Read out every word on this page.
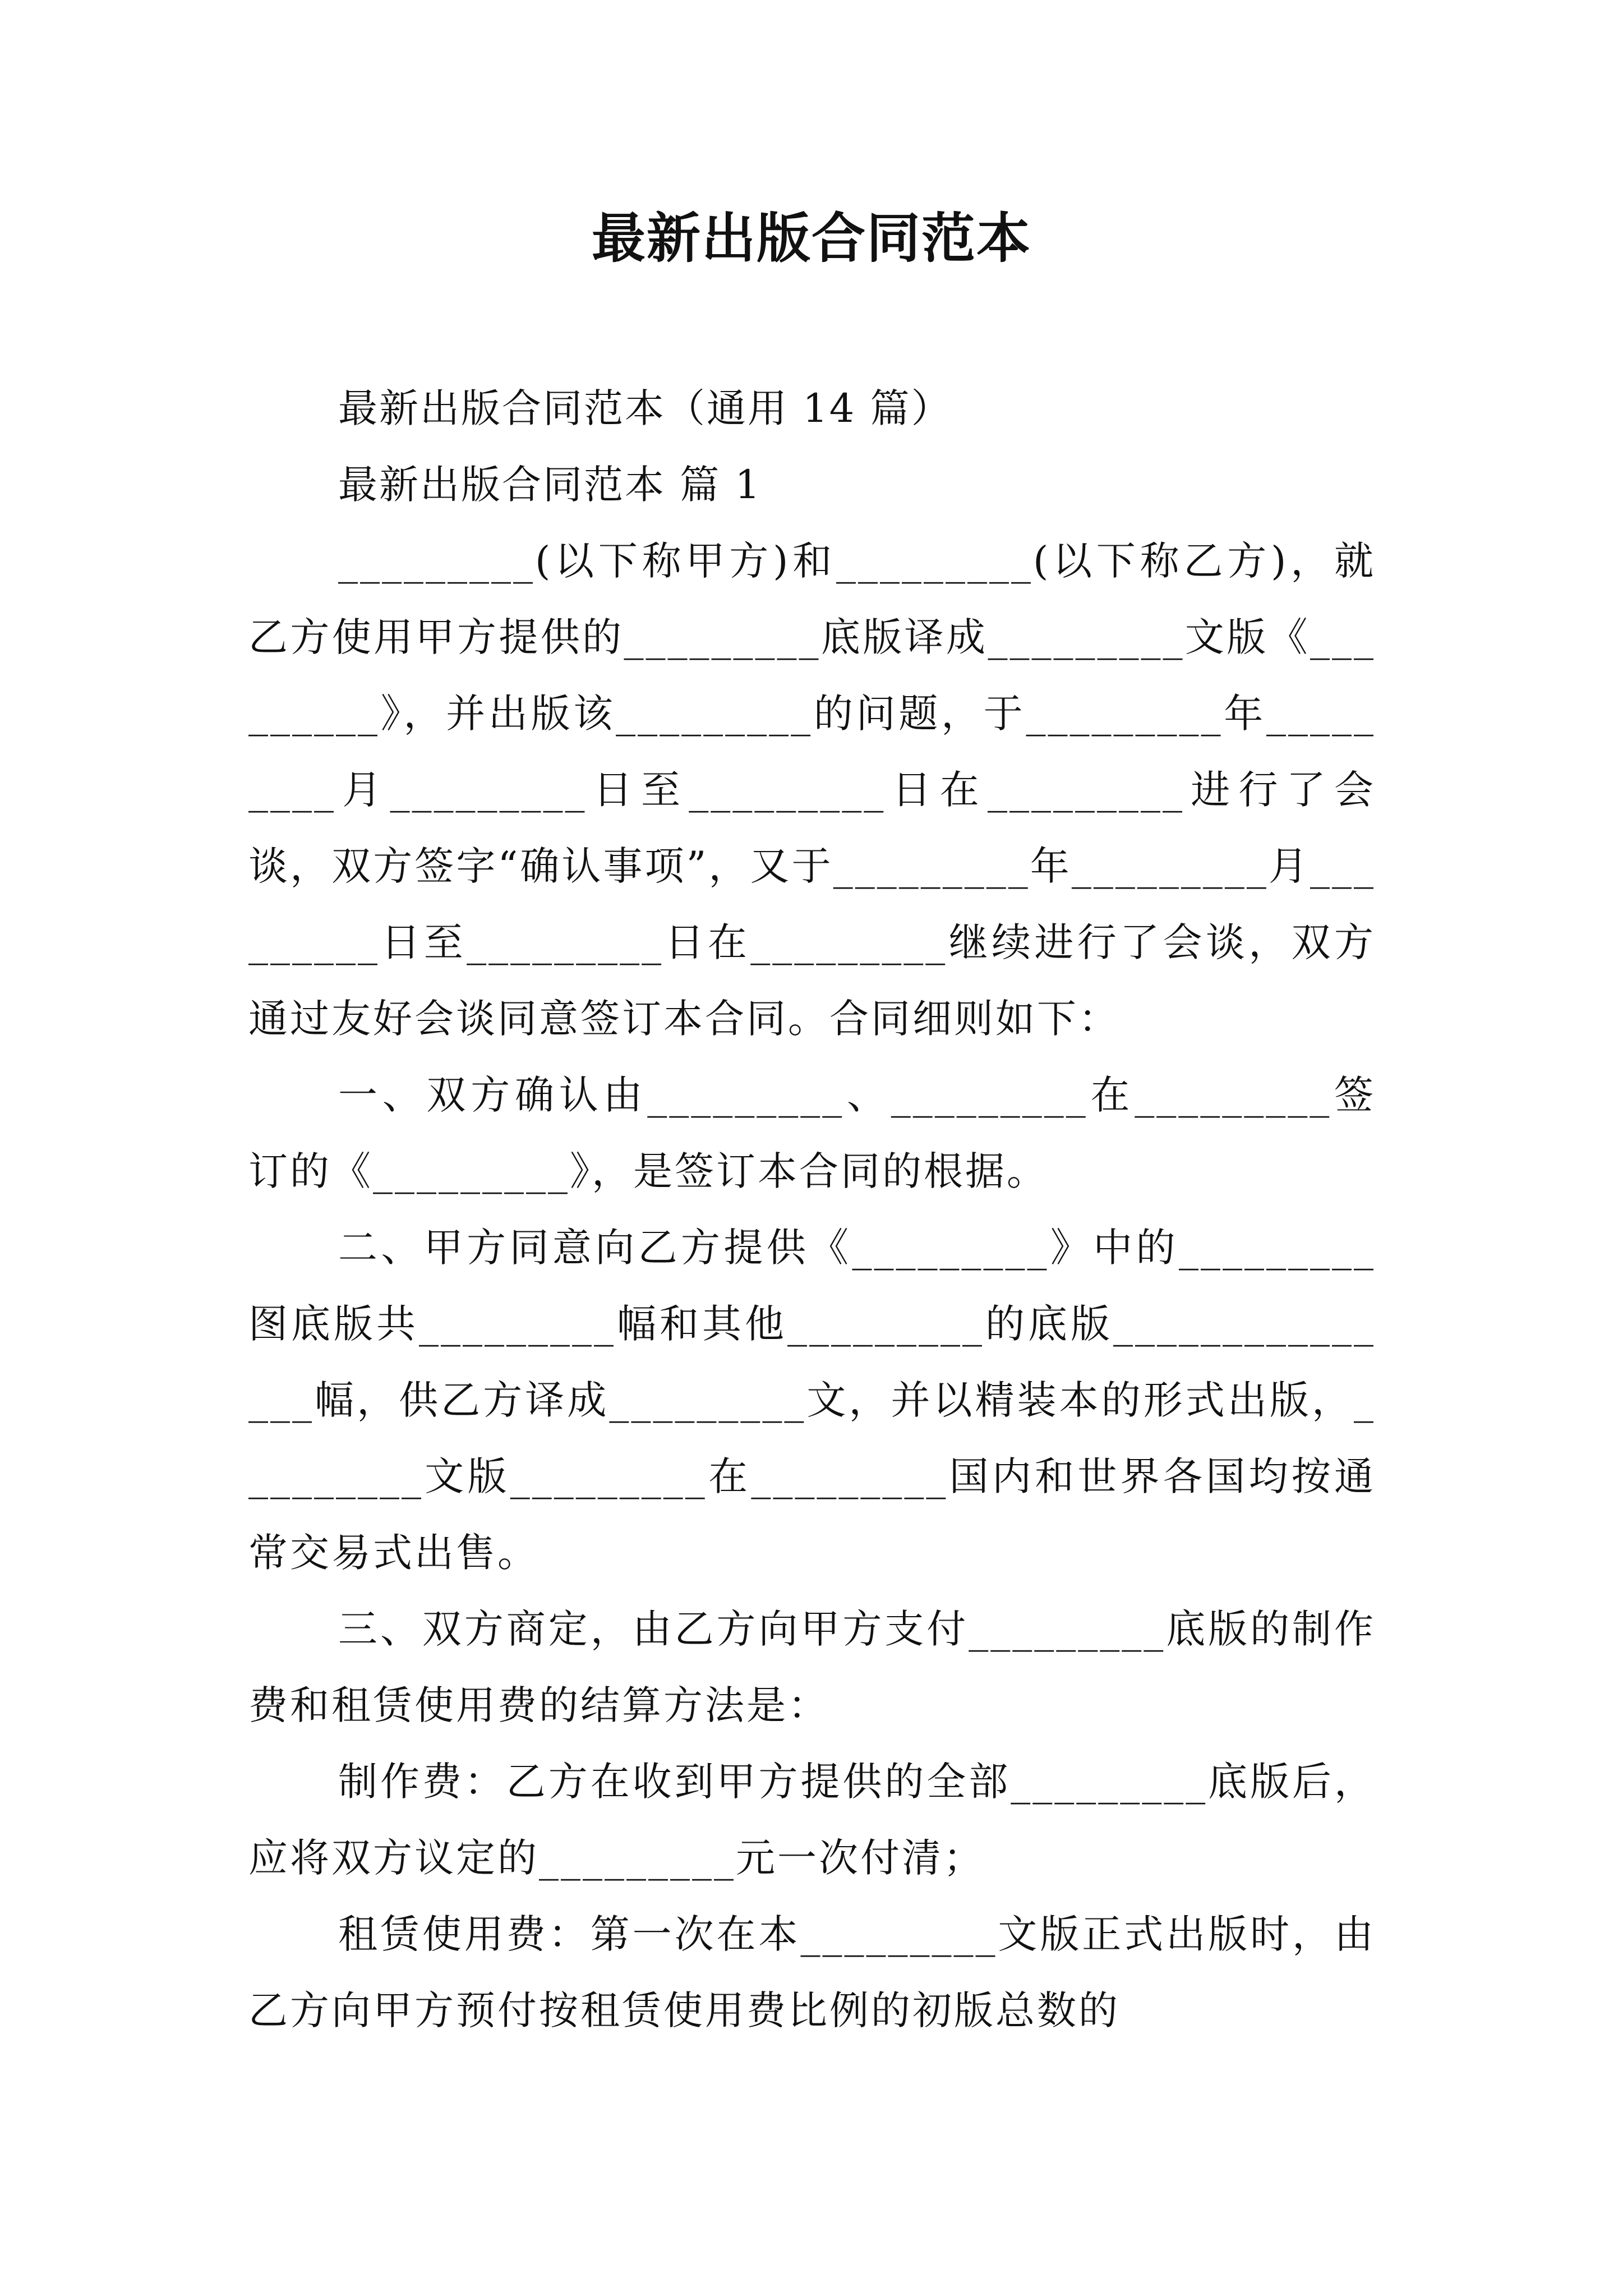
最新出版合同范本

最新出版合同范本（通用 14 篇）

最新出版合同范本 篇 1

_________(以下称甲方)和_________(以下称乙方)，就乙方使用甲方提供的_________底版译成_________文版《_________》，并出版该_________的问题，于_________年_________月_________日至_________日在_________进行了会谈，双方签字“确认事项”，又于_________年_________月_________日至_________日在_________继续进行了会谈，双方通过友好会谈同意签订本合同。合同细则如下：

一、双方确认由_________、_________在_________签订的《_________》，是签订本合同的根据。

二、甲方同意向乙方提供《_________》中的_________图底版共_________幅和其他_________的底版_______________幅，供乙方译成_________文，并以精装本的形式出版，_________文版_________在_________国内和世界各国均按通常交易式出售。

三、双方商定，由乙方向甲方支付_________底版的制作费和租赁使用费的结算方法是：

制作费：乙方在收到甲方提供的全部_________底版后，应将双方议定的_________元一次付清；

租赁使用费：第一次在本_________文版正式出版时，由乙方向甲方预付按租赁使用费比例的初版总数的
